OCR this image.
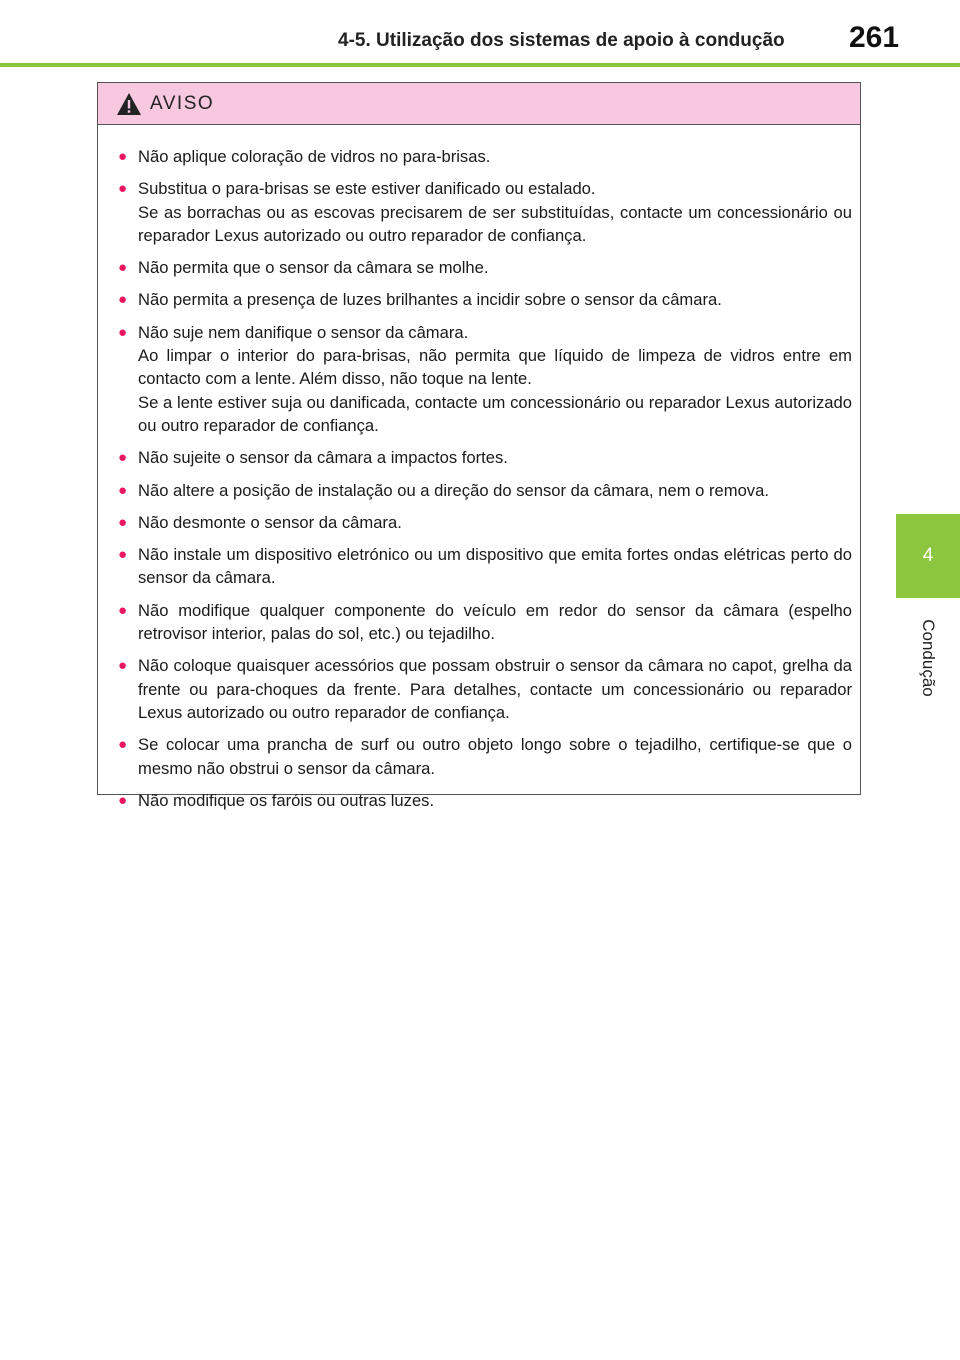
4-5. Utilização dos sistemas de apoio à condução 261
4
Condução
AVISO
● Não aplique coloração de vidros no para-brisas.

● Substitua o para-brisas se este estiver danificado ou estalado.

Se as borrachas ou as escovas precisarem de ser substituídas, contacte um concessionário ou reparador Lexus autorizado ou outro reparador de confiança.

● Não permita que o sensor da câmara se molhe.

● Não permita a presença de luzes brilhantes a incidir sobre o sensor da câmara.

● Não suje nem danifique o sensor da câmara.

Ao limpar o interior do para-brisas, não permita que líquido de limpeza de vidros entre em contacto com a lente. Além disso, não toque na lente.

Se a lente estiver suja ou danificada, contacte um concessionário ou reparador Lexus autorizado ou outro reparador de confiança.

● Não sujeite o sensor da câmara a impactos fortes.

● Não altere a posição de instalação ou a direção do sensor da câmara, nem o remova.

● Não desmonte o sensor da câmara.

● Não instale um dispositivo eletrónico ou um dispositivo que emita fortes ondas elétricas perto do sensor da câmara.

● Não modifique qualquer componente do veículo em redor do sensor da câmara (espelho retrovisor interior, palas do sol, etc.) ou tejadilho.

● Não coloque quaisquer acessórios que possam obstruir o sensor da câmara no capot, grelha da frente ou para-choques da frente. Para detalhes, contacte um concessionário ou reparador Lexus autorizado ou outro reparador de confiança.

● Se colocar uma prancha de surf ou outro objeto longo sobre o tejadilho, certifique-se que o mesmo não obstrui o sensor da câmara.

● Não modifique os faróis ou outras luzes.
